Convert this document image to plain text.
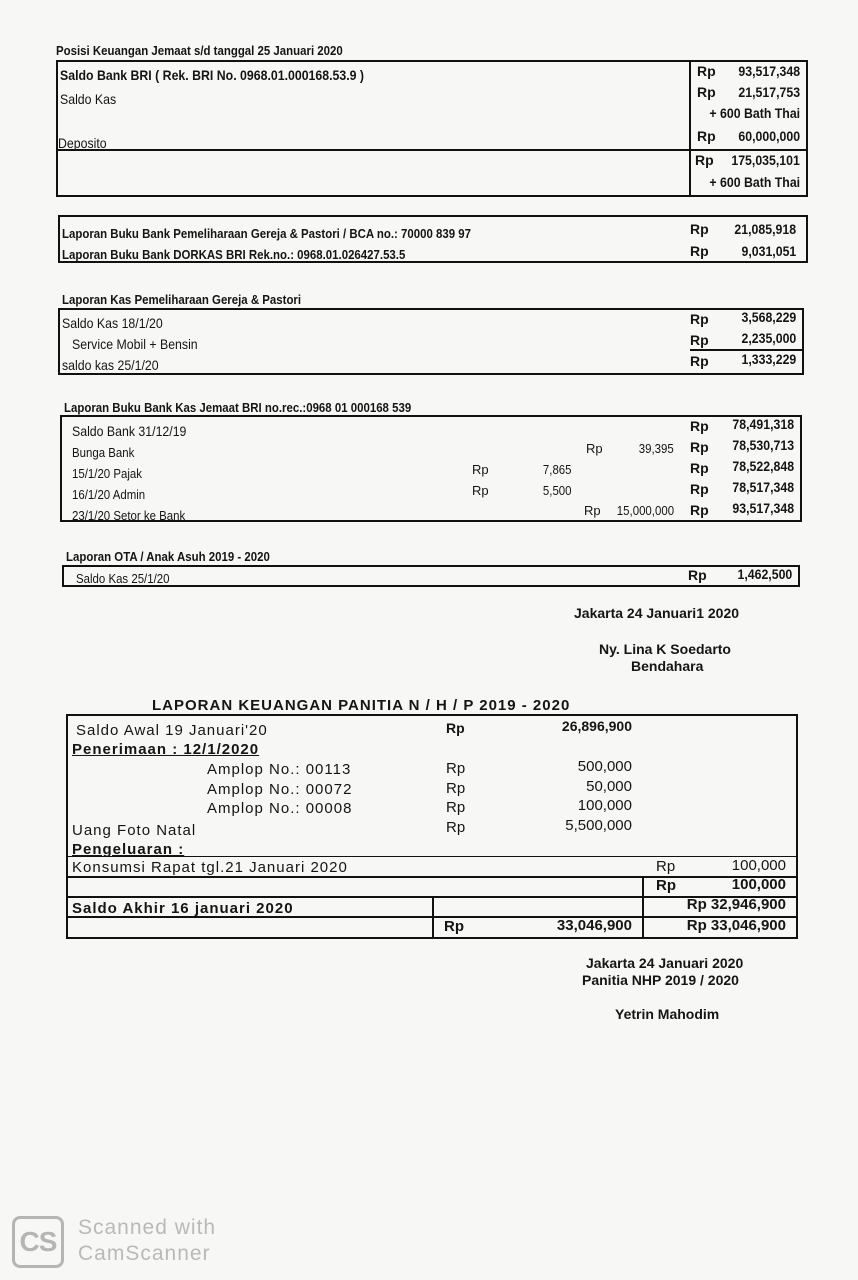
Posisi Keuangan Jemaat s/d tanggal 25 Januari 2020
Saldo Bank BRI ( Rek. BRI No. 0968.01.000168.53.9 )	Rp 93,517,348
Saldo Kas	Rp 21,517,753
+ 600 Bath Thai
Deposito	Rp 60,000,000
Rp 175,035,101
+ 600 Bath Thai
Laporan Buku Bank Pemeliharaan Gereja & Pastori / BCA no.: 70000 839 97	Rp 21,085,918
Laporan Buku Bank DORKAS BRI Rek.no.: 0968.01.026427.53.5	Rp 9,031,051
Laporan Kas Pemeliharaan Gereja & Pastori
Saldo Kas 18/1/20	Rp 3,568,229
Service Mobil + Bensin	Rp 2,235,000
saldo kas 25/1/20	Rp 1,333,229
Laporan Buku Bank Kas Jemaat BRI no.rec.:0968 01 000168 539
Saldo Bank 31/12/19	Rp 78,491,318
Bunga Bank	Rp	39,395 Rp 78,530,713
15/1/20 Pajak	Rp	7,865	Rp 78,522,848
16/1/20 Admin	Rp	5,500	Rp 78,517,348
23/1/20 Setor ke Bank	Rp 15,000,000 Rp 93,517,348
Laporan OTA / Anak Asuh 2019 - 2020
Saldo Kas 25/1/20	Rp 1,462,500
Jakarta 24 Januari1 2020
Ny. Lina K Soedarto
Bendahara
LAPORAN KEUANGAN PANITIA N / H / P 2019 - 2020
Saldo Awal 19 Januari'20	Rp	26,896,900
Penerimaan : 12/1/2020
Amplop No.: 00113	Rp	500,000
Amplop No.: 00072	Rp	50,000
Amplop No.: 00008	Rp	100,000
Uang Foto Natal	Rp	5,500,000
Pengeluaran :
Konsumsi Rapat tgl.21 Januari 2020	Rp	100,000
Rp	100,000
Saldo Akhir 16 januari 2020	Rp 32,946,900
Rp	33,046,900	Rp 33,046,900
Jakarta 24 Januari 2020
Panitia NHP 2019 / 2020
Yetrin Mahodim
CS	Scanned with
CamScanner
